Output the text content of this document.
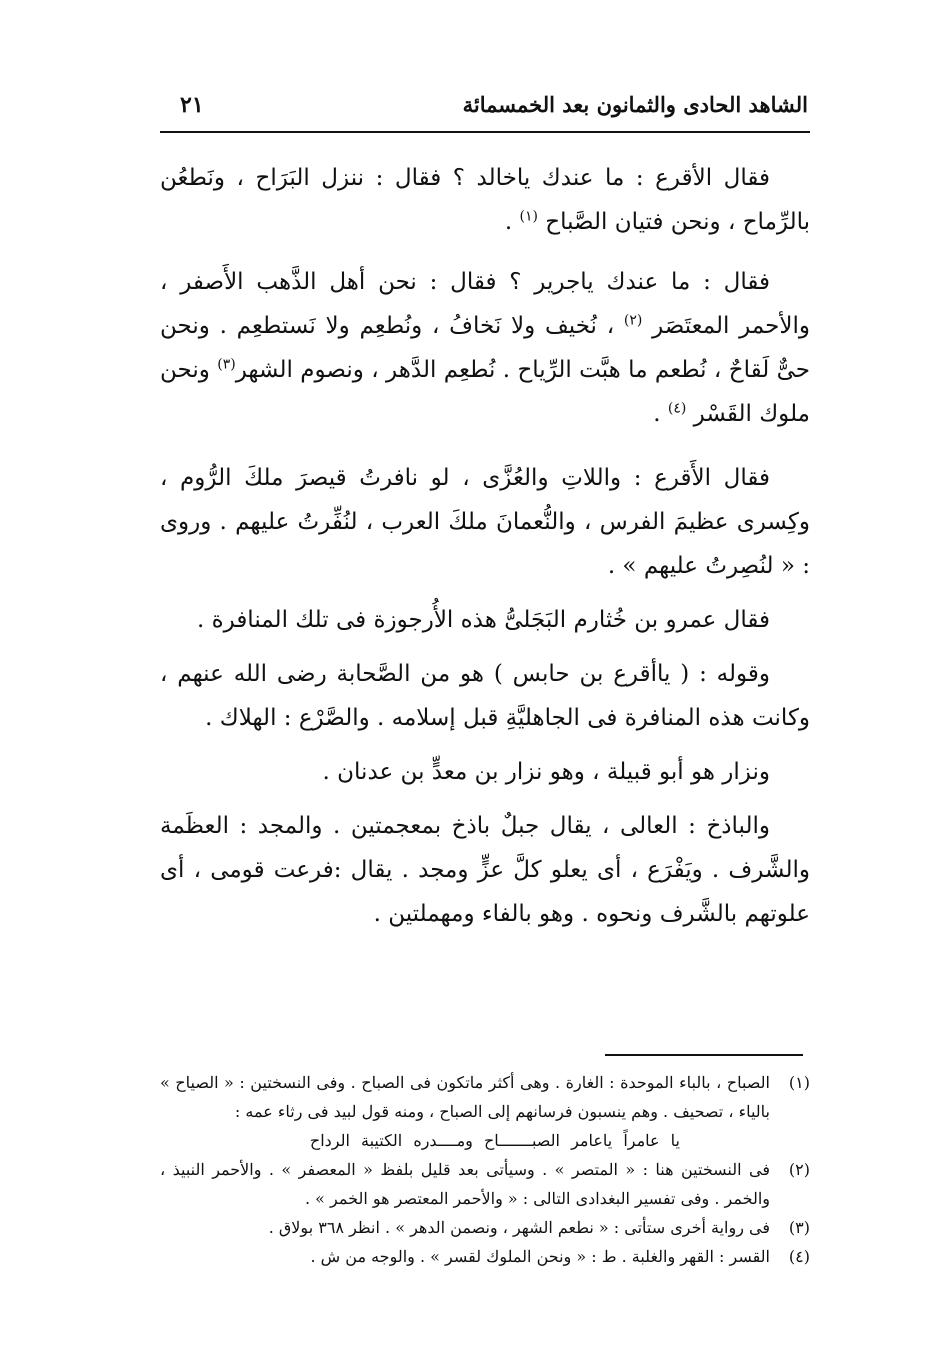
الشاهد الحادى والثمانون بعد الخمسمائة
٢١

فقال الأقرع : ما عندك ياخالد ؟ فقال : ننزل البَرَاح ، ونَطعُن بالرِّماح ، ونحن فتيان الصَّباح $^{(١)}$ .

فقال : ما عندك ياجرير ؟ فقال : نحن أهل الذَّهب الأَصفر ، والأحمر المعتَصَر $^{(٢)}$ ، نُخيف ولا نَخافُ ، ونُطعِم ولا نَستطعِم . ونحن حىٌّ لَقاحٌ ، نُطعم ما هبَّت الرِّياح . نُطعِم الدَّهر ، ونصوم الشهر$^{(٣)}$ ونحن ملوك القَسْر $^{(٤)}$ .

فقال الأَقرع : واللاتِ والعُزَّى ، لو نافرتُ قيصرَ ملكَ الرُّوم ، وكِسرى عظيمَ الفرس ، والنُّعمانَ ملكَ العرب ، لنُفِّرتُ عليهم . وروى : « لنُصِرتُ عليهم » .

فقال عمرو بن خُثارم البَجَلىُّ هذه الأُرجوزة فى تلك المنافرة .

وقوله : ( ياأقرع بن حابس ) هو من الصَّحابة رضى الله عنهم ، وكانت هذه المنافرة فى الجاهليَّةِ قبل إسلامه . والصَّرْع : الهلاك .

ونزار هو أبو قبيلة ، وهو نزار بن معدٍّ بن عدنان .

والباذخ : العالى ، يقال جبلٌ باذخ بمعجمتين . والمجد : العظَمة والشَّرف . ويَفْرَع ، أى يعلو كلَّ عزٍّ ومجد . يقال :فرعت قومى ، أى علوتهم بالشَّرف ونحوه . وهو بالفاء ومهملتين .

(١)الصباح ، بالباء الموحدة : الغارة . وهى أكثر ماتكون فى الصباح . وفى النسختين : « الصياح » بالياء ، تصحيف . وهم ينسبون فرسانهم إلى الصباح ، ومنه قول لبيد فى رثاء عمه :

يا عامراً ياعامر الصبـــــــاح ومــــدره الكتيبة الرداح

(٢)فى النسختين هنا : « المتصر » . وسيأتى بعد قليل بلفظ « المعصفر » . والأحمر النبيذ ، والخمر . وفى تفسير البغدادى التالى : « والأحمر المعتصر هو الخمر » .

(٣)فى رواية أخرى ستأتى : « نطعم الشهر ، ونصمن الدهر » . انظر ٣٦٨ بولاق .

(٤)القسر : القهر والغلبة . ط : « ونحن الملوك لقسر » . والوجه من ش .
